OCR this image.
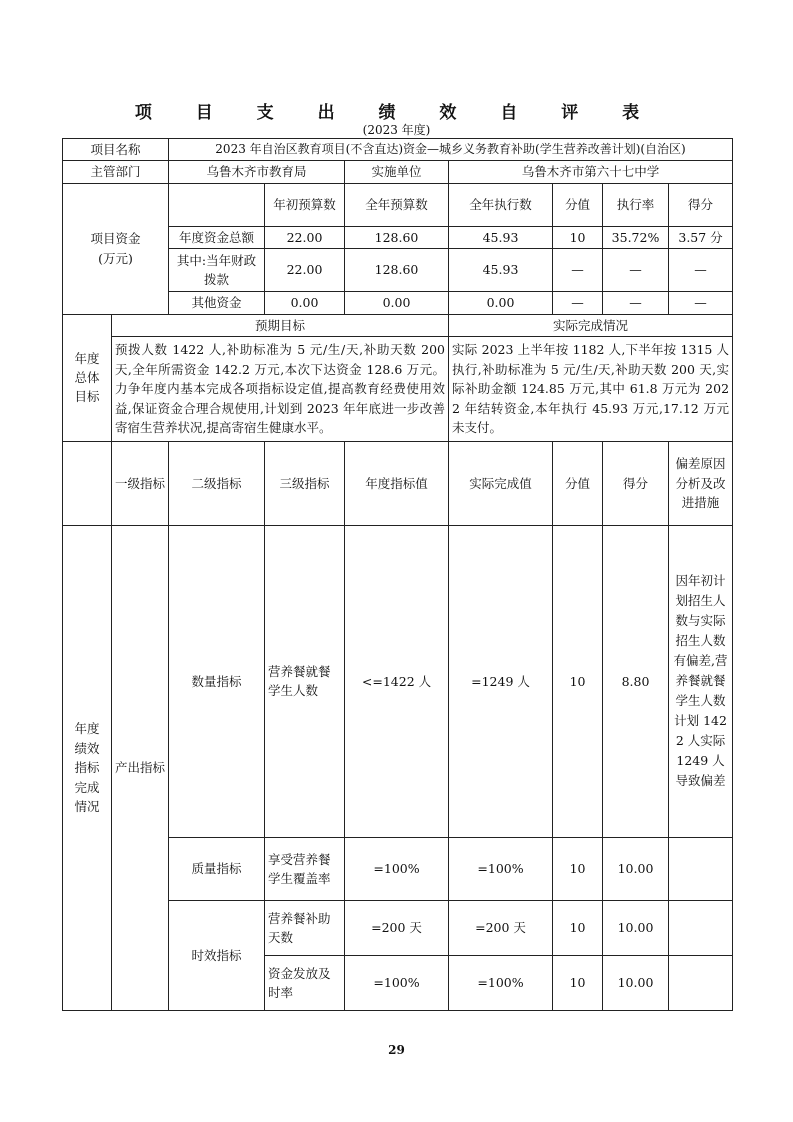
项 目 支 出 绩 效 自 评 表
(2023 年度)
项目名称		2023 年自治区教育项目(不含直达)资金—城乡义务教育补助(学生营养改善计划)(自治区)						
主管部门		乌鲁木齐市教育局		实施单位	乌鲁木齐市第六十七中学			
项目资金
(万元)			年初预算数	全年预算数	全年执行数	分值	执行率	得分
		年度资金总额	22.00	128.60	45.93	10	35.72%	3.57 分
		其中:当年财政拨款	22.00	128.60	45.93	—	—	—
		其他资金	0.00	0.00	0.00	—	—	—
年度
总体
目标	预期目标				实际完成情况			
	预拨人数 1422 人,补助标准为 5 元/生/天,补助天数 200 天,全年所需资金 142.2 万元,本次下达资金 128.6 万元。力争年度内基本完成各项指标设定值,提高教育经费使用效益,保证资金合理合规使用,计划到 2023 年年底进一步改善寄宿生营养状况,提高寄宿生健康水平。				实际 2023 上半年按 1182 人,下半年按 1315 人执行,补助标准为 5 元/生/天,补助天数 200 天,实际补助金额 124.85 万元,其中 61.8 万元为 2022 年结转资金,本年执行 45.93 万元,17.12 万元未支付。			
	一级指标	二级指标	三级指标	年度指标值	实际完成值	分值	得分	偏差原因分析及改进措施
年度
绩效
指标
完成
情况	产出指标	数量指标	营养餐就餐学生人数	<=1422 人	=1249 人	10	8.80	因年初计划招生人数与实际招生人数有偏差,营养餐就餐学生人数计划 1422 人实际 1249 人导致偏差
		质量指标	享受营养餐学生覆盖率	=100%	=100%	10	10.00	
		时效指标	营养餐补助天数	=200 天	=200 天	10	10.00	
			资金发放及时率	=100%	=100%	10	10.00	
29
